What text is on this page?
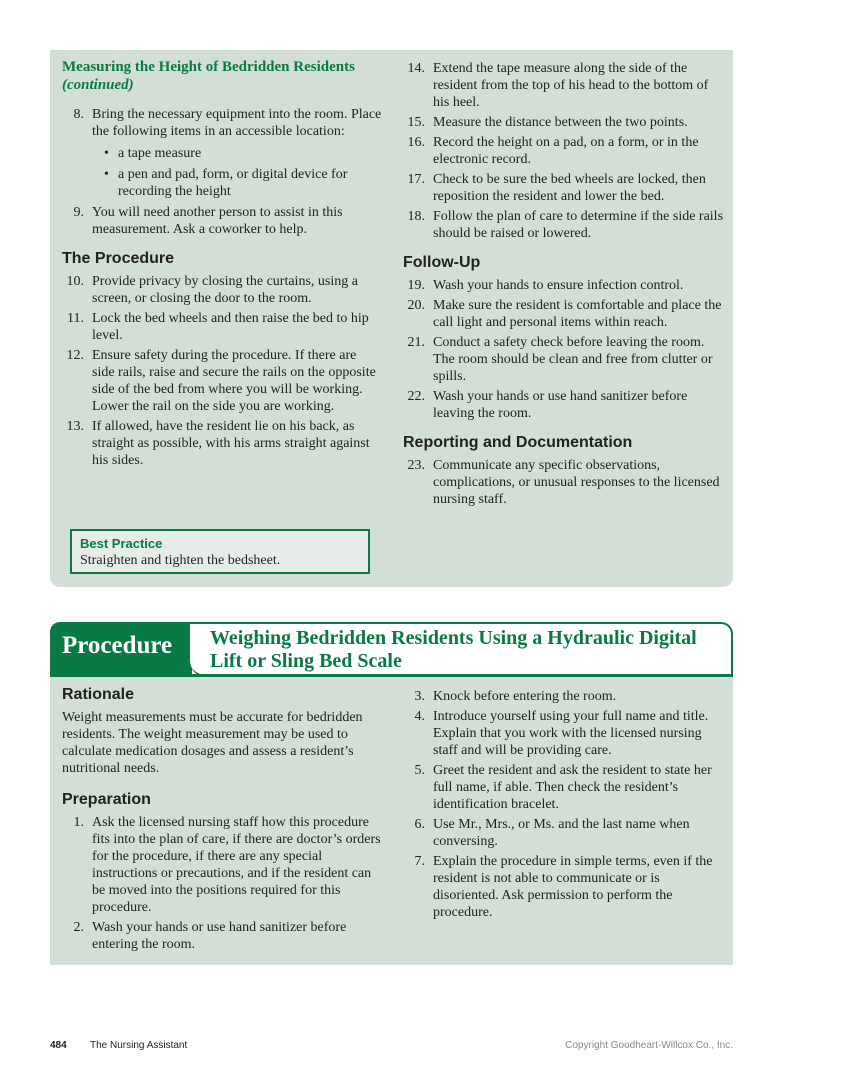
Measuring the Height of Bedridden Residents (continued)
8. Bring the necessary equipment into the room. Place the following items in an accessible location:
• a tape measure
• a pen and pad, form, or digital device for recording the height
9. You will need another person to assist in this measurement. Ask a coworker to help.
The Procedure
10. Provide privacy by closing the curtains, using a screen, or closing the door to the room.
11. Lock the bed wheels and then raise the bed to hip level.
12. Ensure safety during the procedure. If there are side rails, raise and secure the rails on the opposite side of the bed from where you will be working. Lower the rail on the side you are working.
13. If allowed, have the resident lie on his back, as straight as possible, with his arms straight against his sides.
Best Practice
Straighten and tighten the bedsheet.
14. Extend the tape measure along the side of the resident from the top of his head to the bottom of his heel.
15. Measure the distance between the two points.
16. Record the height on a pad, on a form, or in the electronic record.
17. Check to be sure the bed wheels are locked, then reposition the resident and lower the bed.
18. Follow the plan of care to determine if the side rails should be raised or lowered.
Follow-Up
19. Wash your hands to ensure infection control.
20. Make sure the resident is comfortable and place the call light and personal items within reach.
21. Conduct a safety check before leaving the room. The room should be clean and free from clutter or spills.
22. Wash your hands or use hand sanitizer before leaving the room.
Reporting and Documentation
23. Communicate any specific observations, complications, or unusual responses to the licensed nursing staff.
Procedure	Weighing Bedridden Residents Using a Hydraulic Digital Lift or Sling Bed Scale
Rationale

Weight measurements must be accurate for bedridden residents. The weight measurement may be used to calculate medication dosages and assess a resident’s nutritional needs.

Preparation
1. Ask the licensed nursing staff how this procedure fits into the plan of care, if there are doctor’s orders for the procedure, if there are any special instructions or precautions, and if the resident can be moved into the positions required for this procedure.
2. Wash your hands or use hand sanitizer before entering the room.
3. Knock before entering the room.
4. Introduce yourself using your full name and title. Explain that you work with the licensed nursing staff and will be providing care.
5. Greet the resident and ask the resident to state her full name, if able. Then check the resident’s identification bracelet.
6. Use Mr., Mrs., or Ms. and the last name when conversing.
7. Explain the procedure in simple terms, even if the resident is not able to communicate or is disoriented. Ask permission to perform the procedure.
484 The Nursing Assistant	Copyright Goodheart-Willcox Co., Inc.
